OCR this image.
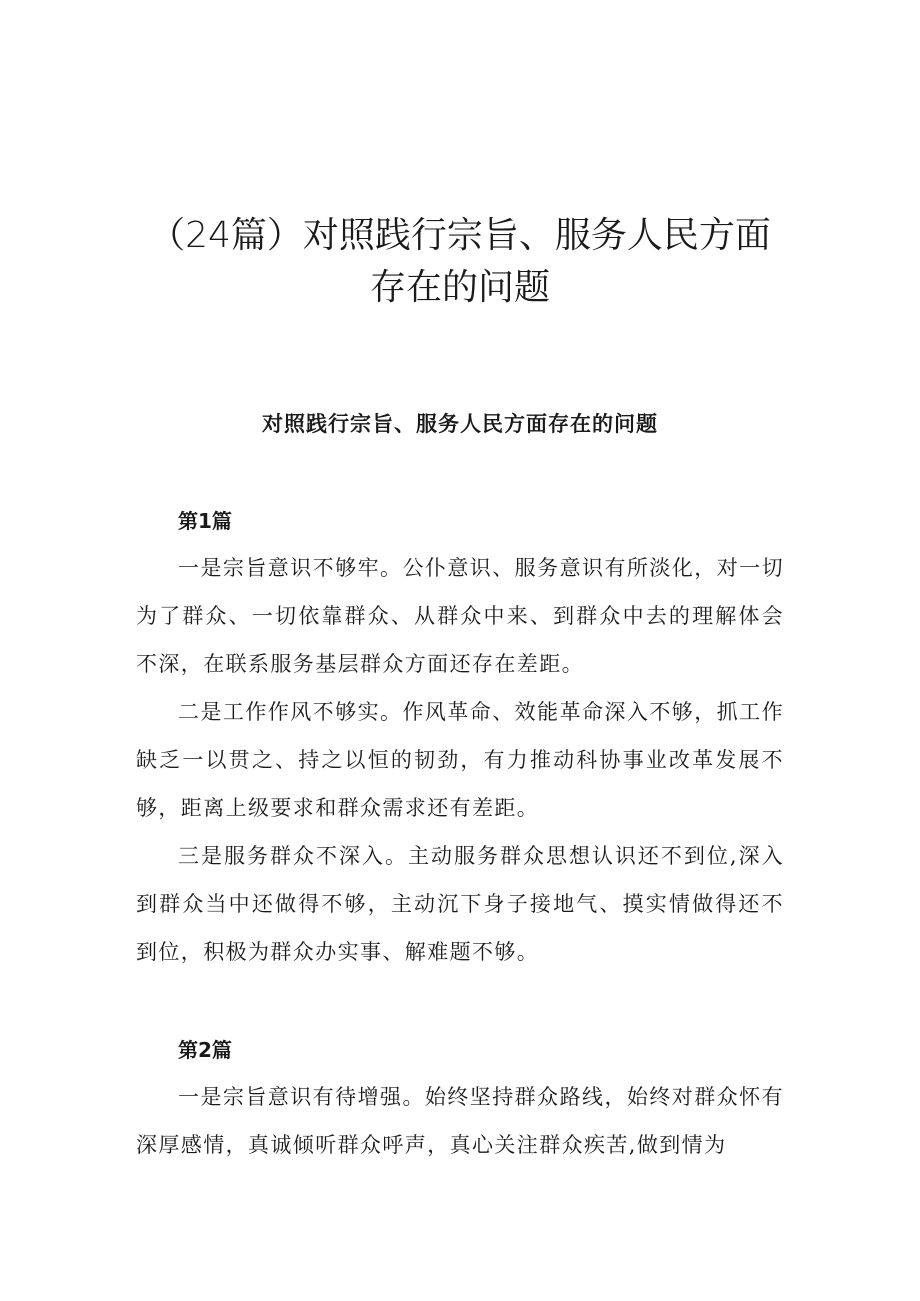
（24篇）对照践行宗旨、服务人民方面
存在的问题
对照践行宗旨、服务人民方面存在的问题
第1篇

一是宗旨意识不够牢。公仆意识、服务意识有所淡化，对一切为了群众、一切依靠群众、从群众中来、到群众中去的理解体会不深，在联系服务基层群众方面还存在差距。

二是工作作风不够实。作风革命、效能革命深入不够，抓工作缺乏一以贯之、持之以恒的韧劲，有力推动科协事业改革发展不够，距离上级要求和群众需求还有差距。

三是服务群众不深入。主动服务群众思想认识还不到位,深入到群众当中还做得不够，主动沉下身子接地气、摸实情做得还不到位，积极为群众办实事、解难题不够。

第2篇

一是宗旨意识有待增强。始终坚持群众路线，始终对群众怀有深厚感情，真诚倾听群众呼声，真心关注群众疾苦,做到情为
